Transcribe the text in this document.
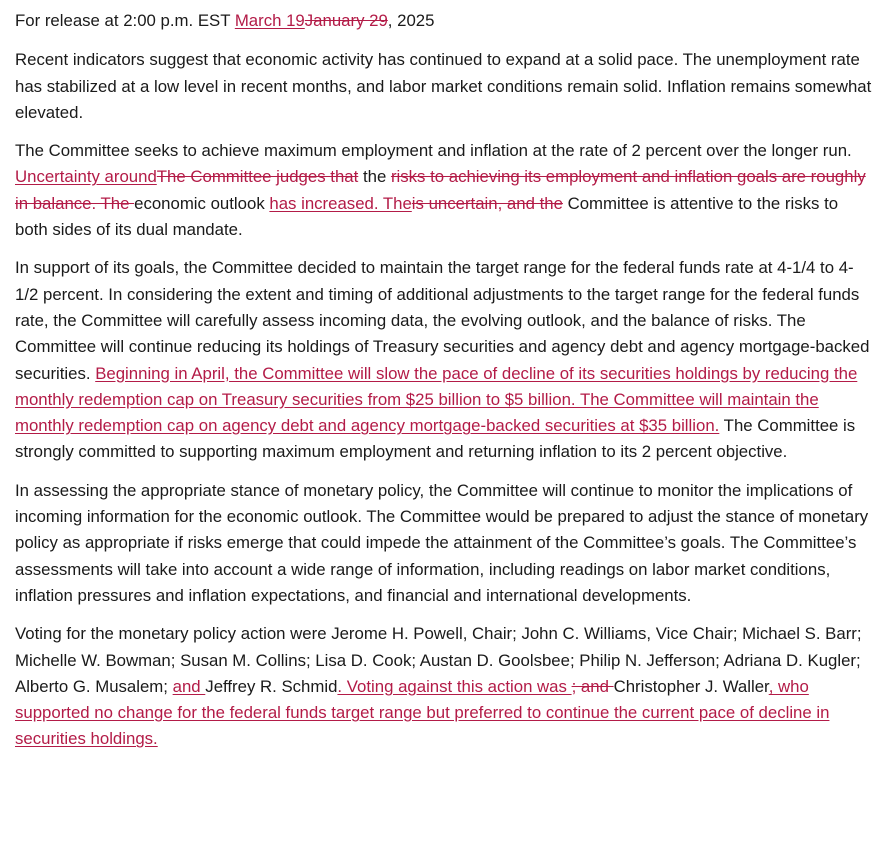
For release at 2:00 p.m. EST March 19January 29, 2025

Recent indicators suggest that economic activity has continued to expand at a solid pace. The unemployment rate has stabilized at a low level in recent months, and labor market conditions remain solid. Inflation remains somewhat elevated.

The Committee seeks to achieve maximum employment and inflation at the rate of 2 percent over the longer run. Uncertainty aroundThe Committee judges that the risks to achieving its employment and inflation goals are roughly in balance. The economic outlook has increased. Theis uncertain, and the Committee is attentive to the risks to both sides of its dual mandate.

In support of its goals, the Committee decided to maintain the target range for the federal funds rate at 4-1/4 to 4-1/2 percent. In considering the extent and timing of additional adjustments to the target range for the federal funds rate, the Committee will carefully assess incoming data, the evolving outlook, and the balance of risks. The Committee will continue reducing its holdings of Treasury securities and agency debt and agency mortgage-backed securities. Beginning in April, the Committee will slow the pace of decline of its securities holdings by reducing the monthly redemption cap on Treasury securities from $25 billion to $5 billion. The Committee will maintain the monthly redemption cap on agency debt and agency mortgage-backed securities at $35 billion. The Committee is strongly committed to supporting maximum employment and returning inflation to its 2 percent objective.

In assessing the appropriate stance of monetary policy, the Committee will continue to monitor the implications of incoming information for the economic outlook. The Committee would be prepared to adjust the stance of monetary policy as appropriate if risks emerge that could impede the attainment of the Committee’s goals. The Committee’s assessments will take into account a wide range of information, including readings on labor market conditions, inflation pressures and inflation expectations, and financial and international developments.

Voting for the monetary policy action were Jerome H. Powell, Chair; John C. Williams, Vice Chair; Michael S. Barr; Michelle W. Bowman; Susan M. Collins; Lisa D. Cook; Austan D. Goolsbee; Philip N. Jefferson; Adriana D. Kugler; Alberto G. Musalem; and Jeffrey R. Schmid. Voting against this action was ; and Christopher J. Waller, who supported no change for the federal funds target range but preferred to continue the current pace of decline in securities holdings.
